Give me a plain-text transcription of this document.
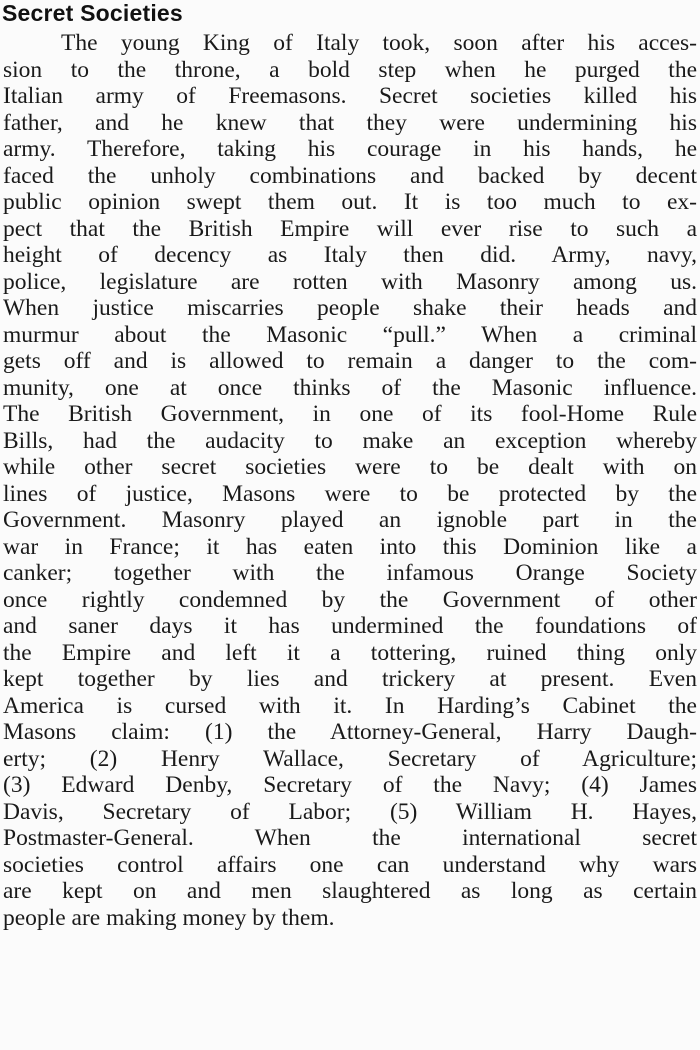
Secret Societies
The young King of Italy took, soon after his acces-
sion to the throne, a bold step when he purged the
Italian army of Freemasons. Secret societies killed his
father, and he knew that they were undermining his
army. Therefore, taking his courage in his hands, he
faced the unholy combinations and backed by decent
public opinion swept them out. It is too much to ex-
pect that the British Empire will ever rise to such a
height of decency as Italy then did. Army, navy,
police, legislature are rotten with Masonry among us.
When justice miscarries people shake their heads and
murmur about the Masonic “pull.” When a criminal
gets off and is allowed to remain a danger to the com-
munity, one at once thinks of the Masonic influence.
The British Government, in one of its fool-Home Rule
Bills, had the audacity to make an exception whereby
while other secret societies were to be dealt with on
lines of justice, Masons were to be protected by the
Government. Masonry played an ignoble part in the
war in France; it has eaten into this Dominion like a
canker; together with the infamous Orange Society
once rightly condemned by the Government of other
and saner days it has undermined the foundations of
the Empire and left it a tottering, ruined thing only
kept together by lies and trickery at present. Even
America is cursed with it. In Harding’s Cabinet the
Masons claim: (1) the Attorney-General, Harry Daugh-
erty; (2) Henry Wallace, Secretary of Agriculture;
(3) Edward Denby, Secretary of the Navy; (4) James
Davis, Secretary of Labor; (5) William H. Hayes,
Postmaster-General. When the international secret
societies control affairs one can understand why wars
are kept on and men slaughtered as long as certain
people are making money by them.
